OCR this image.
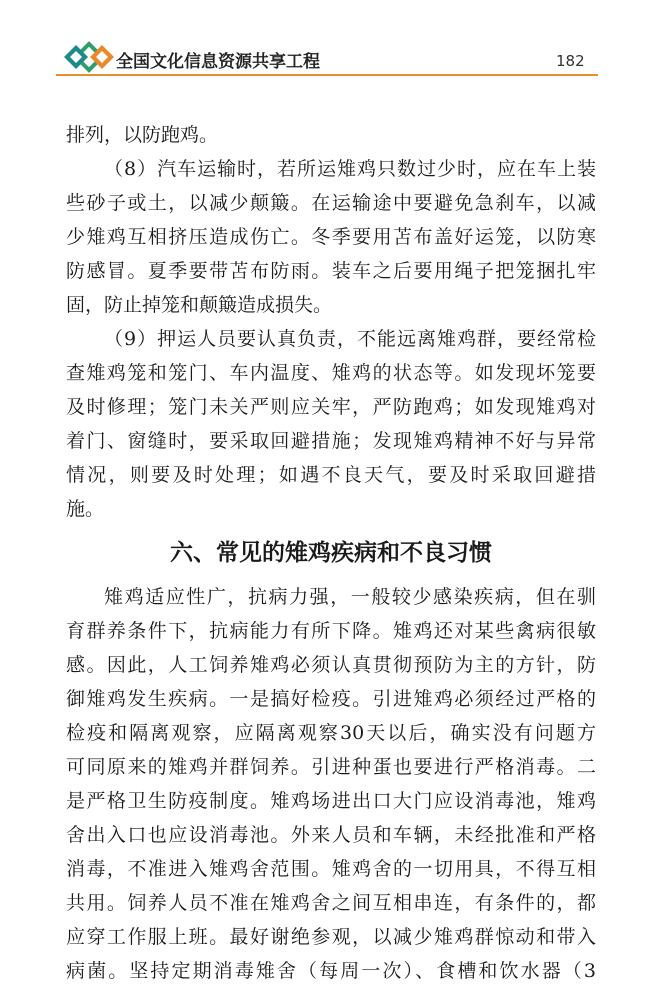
全国文化信息资源共享工程	182
排列，以防跑鸡。
（8）汽车运输时，若所运雉鸡只数过少时，应在车上装
些砂子或土，以减少颠簸。在运输途中要避免急刹车，以减
少雉鸡互相挤压造成伤亡。冬季要用苫布盖好运笼，以防寒
防感冒。夏季要带苫布防雨。装车之后要用绳子把笼捆扎牢
固，防止掉笼和颠簸造成损失。
（9）押运人员要认真负责，不能远离雉鸡群，要经常检
查雉鸡笼和笼门、车内温度、雉鸡的状态等。如发现坏笼要
及时修理；笼门未关严则应关牢，严防跑鸡；如发现雉鸡对
着门、窗缝时，要采取回避措施；发现雉鸡精神不好与异常
情况，则要及时处理；如遇不良天气，要及时采取回避措
施。
六、常见的雉鸡疾病和不良习惯
雉鸡适应性广，抗病力强，一般较少感染疾病，但在驯
育群养条件下，抗病能力有所下降。雉鸡还对某些禽病很敏
感。因此，人工饲养雉鸡必须认真贯彻预防为主的方针，防
御雉鸡发生疾病。一是搞好检疫。引进雉鸡必须经过严格的
检疫和隔离观察，应隔离观察30天以后，确实没有问题方
可同原来的雉鸡并群饲养。引进种蛋也要进行严格消毒。二
是严格卫生防疫制度。雉鸡场进出口大门应设消毒池，雉鸡
舍出入口也应设消毒池。外来人员和车辆，未经批准和严格
消毒，不准进入雉鸡舍范围。雉鸡舍的一切用具，不得互相
共用。饲养人员不准在雉鸡舍之间互相串连，有条件的，都
应穿工作服上班。最好谢绝参观，以减少雉鸡群惊动和带入
病菌。坚持定期消毒雉舍（每周一次）、食槽和饮水器（3
